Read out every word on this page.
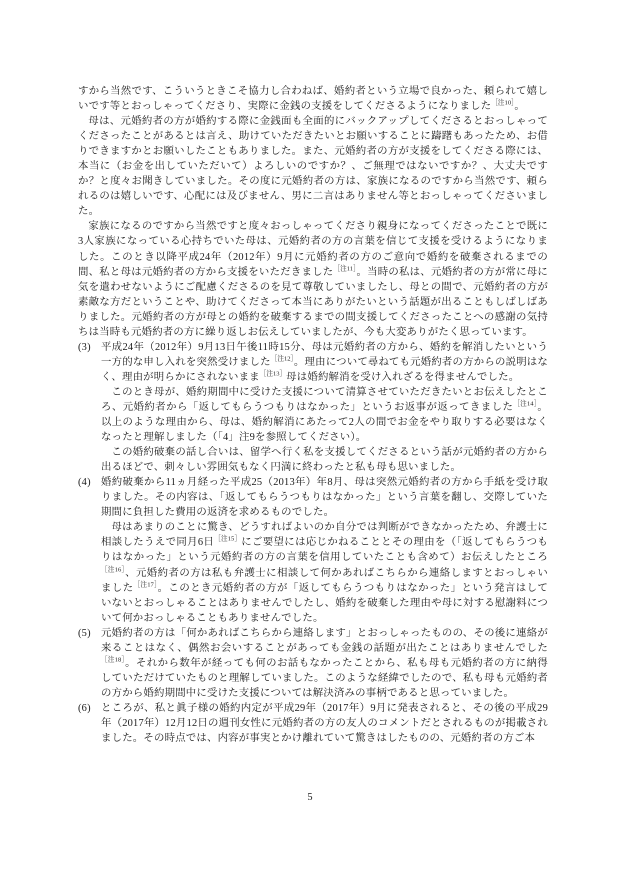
すから当然です、こういうときこそ協力し合わねば、婚約者という立場で良かった、頼られて嬉しいです等とおっしゃってくださり、実際に金銭の支援をしてくださるようになりました$^{[注10]}$。

母は、元婚約者の方が婚約する際に金銭面も全面的にバックアップしてくださるとおっしゃってくださったことがあるとは言え、助けていただきたいとお願いすることに躊躇もあったため、お借りできますかとお願いしたこともありました。また、元婚約者の方が支援をしてくださる際には、本当に（お金を出していただいて）よろしいのですか？、ご無理ではないですか？、大丈夫ですか？と度々お聞きしていました。その度に元婚約者の方は、家族になるのですから当然です、頼られるのは嬉しいです、心配には及びません、男に二言はありません等とおっしゃってくださいました。

家族になるのですから当然ですと度々おっしゃってくださり親身になってくださったことで既に3人家族になっている心持ちでいた母は、元婚約者の方の言葉を信じて支援を受けるようになりました。このとき以降平成24年（2012年）9月に元婚約者の方のご意向で婚約を破棄されるまでの間、私と母は元婚約者の方から支援をいただきました$^{[注11]}$。当時の私は、元婚約者の方が常に母に気を遣わせないようにご配慮くださるのを見て尊敬していましたし、母との間で、元婚約者の方が素敵な方だということや、助けてくださって本当にありがたいという話題が出ることもしばしばありました。元婚約者の方が母との婚約を破棄するまでの間支援してくださったことへの感謝の気持ちは当時も元婚約者の方に繰り返しお伝えしていましたが、今も大変ありがたく思っています。

(3) 平成24年（2012年）9月13日午後11時15分、母は元婚約者の方から、婚約を解消したいという一方的な申し入れを突然受けました$^{[注12]}$。理由について尋ねても元婚約者の方からの説明はなく、理由が明らかにされないまま$^{[注13]}$母は婚約解消を受け入れざるを得ませんでした。
このとき母が、婚約期間中に受けた支援について清算させていただきたいとお伝えしたところ、元婚約者から「返してもらうつもりはなかった」というお返事が返ってきました$^{[注14]}$。以上のような理由から、母は、婚約解消にあたって2人の間でお金をやり取りする必要はなくなったと理解しました（「4」注9を参照してください）。
この婚約破棄の話し合いは、留学へ行く私を支援してくださるという話が元婚約者の方から出るほどで、刺々しい雰囲気もなく円満に終わったと私も母も思いました。
(4) 婚約破棄から11ヵ月経った平成25（2013年）年8月、母は突然元婚約者の方から手紙を受け取りました。その内容は、「返してもらうつもりはなかった」という言葉を翻し、交際していた期間に負担した費用の返済を求めるものでした。
母はあまりのことに驚き、どうすればよいのか自分では判断ができなかったため、弁護士に相談したうえで同月6日$^{[注15]}$にご要望には応じかねることとその理由を（「返してもらうつもりはなかった」という元婚約者の方の言葉を信用していたことも含めて）お伝えしたところ$^{[注16]}$、元婚約者の方は私も弁護士に相談して何かあればこちらから連絡しますとおっしゃいました$^{[注17]}$。このとき元婚約者の方が「返してもらうつもりはなかった」という発言はしていないとおっしゃることはありませんでしたし、婚約を破棄した理由や母に対する慰謝料について何かおっしゃることもありませんでした。
(5) 元婚約者の方は「何かあればこちらから連絡します」とおっしゃったものの、その後に連絡が来ることはなく、偶然お会いすることがあっても金銭の話題が出たことはありませんでした$^{[注18]}$。それから数年が経っても何のお話もなかったことから、私も母も元婚約者の方に納得していただけていたものと理解していました。このような経緯でしたので、私も母も元婚約者の方から婚約期間中に受けた支援については解決済みの事柄であると思っていました。
(6) ところが、私と眞子様の婚約内定が平成29年（2017年）9月に発表されると、その後の平成29年（2017年）12月12日の週刊女性に元婚約者の方の友人のコメントだとされるものが掲載されました。その時点では、内容が事実とかけ離れていて驚きはしたものの、元婚約者の方ご本
5
